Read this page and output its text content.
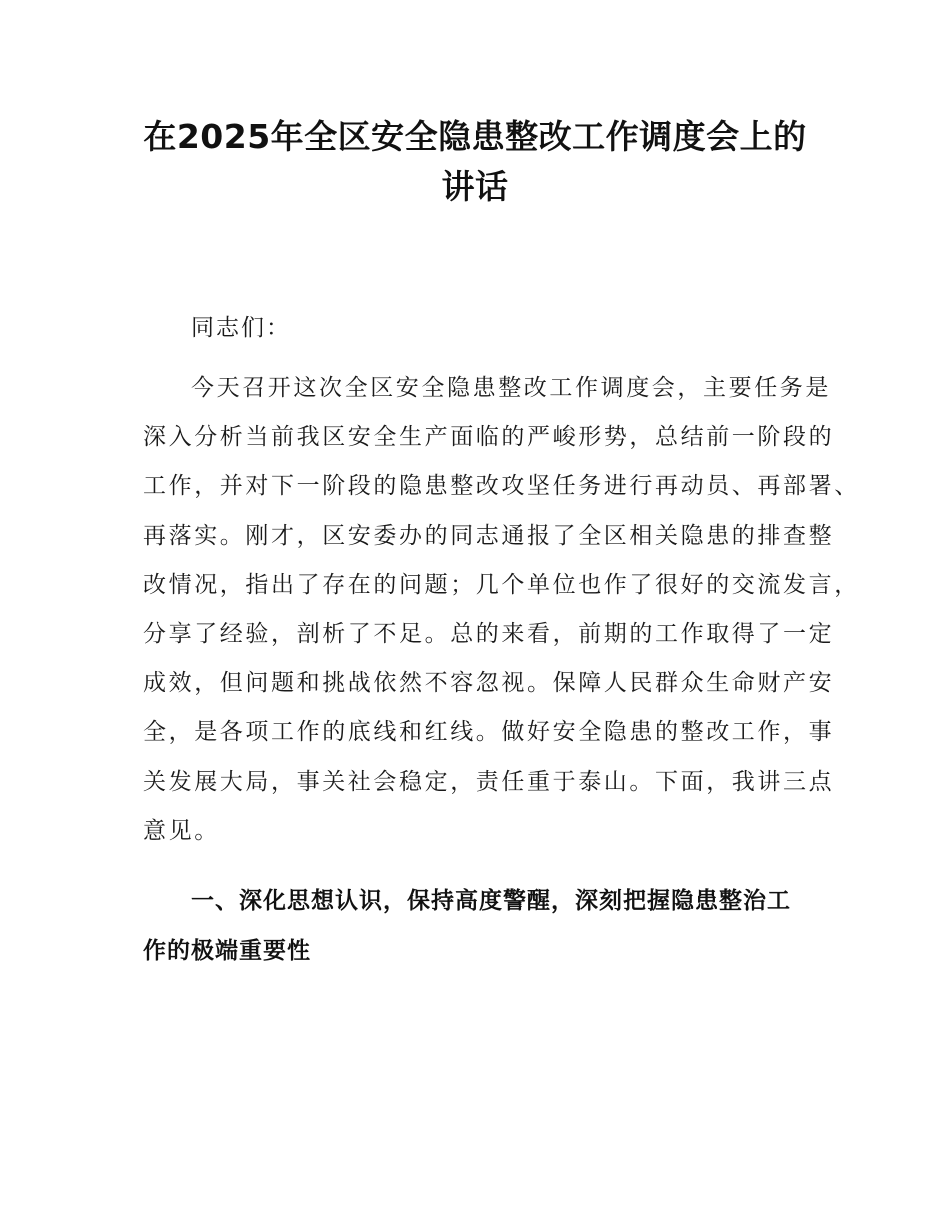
在2025年全区安全隐患整改工作调度会上的
讲话

同志们：

今天召开这次全区安全隐患整改工作调度会，主要任务是
深入分析当前我区安全生产面临的严峻形势，总结前一阶段的
工作，并对下一阶段的隐患整改攻坚任务进行再动员、再部署、
再落实。刚才，区安委办的同志通报了全区相关隐患的排查整
改情况，指出了存在的问题；几个单位也作了很好的交流发言，
分享了经验，剖析了不足。总的来看，前期的工作取得了一定
成效，但问题和挑战依然不容忽视。保障人民群众生命财产安
全，是各项工作的底线和红线。做好安全隐患的整改工作，事
关发展大局，事关社会稳定，责任重于泰山。下面，我讲三点
意见。
一、深化思想认识，保持高度警醒，深刻把握隐患整治工
作的极端重要性
